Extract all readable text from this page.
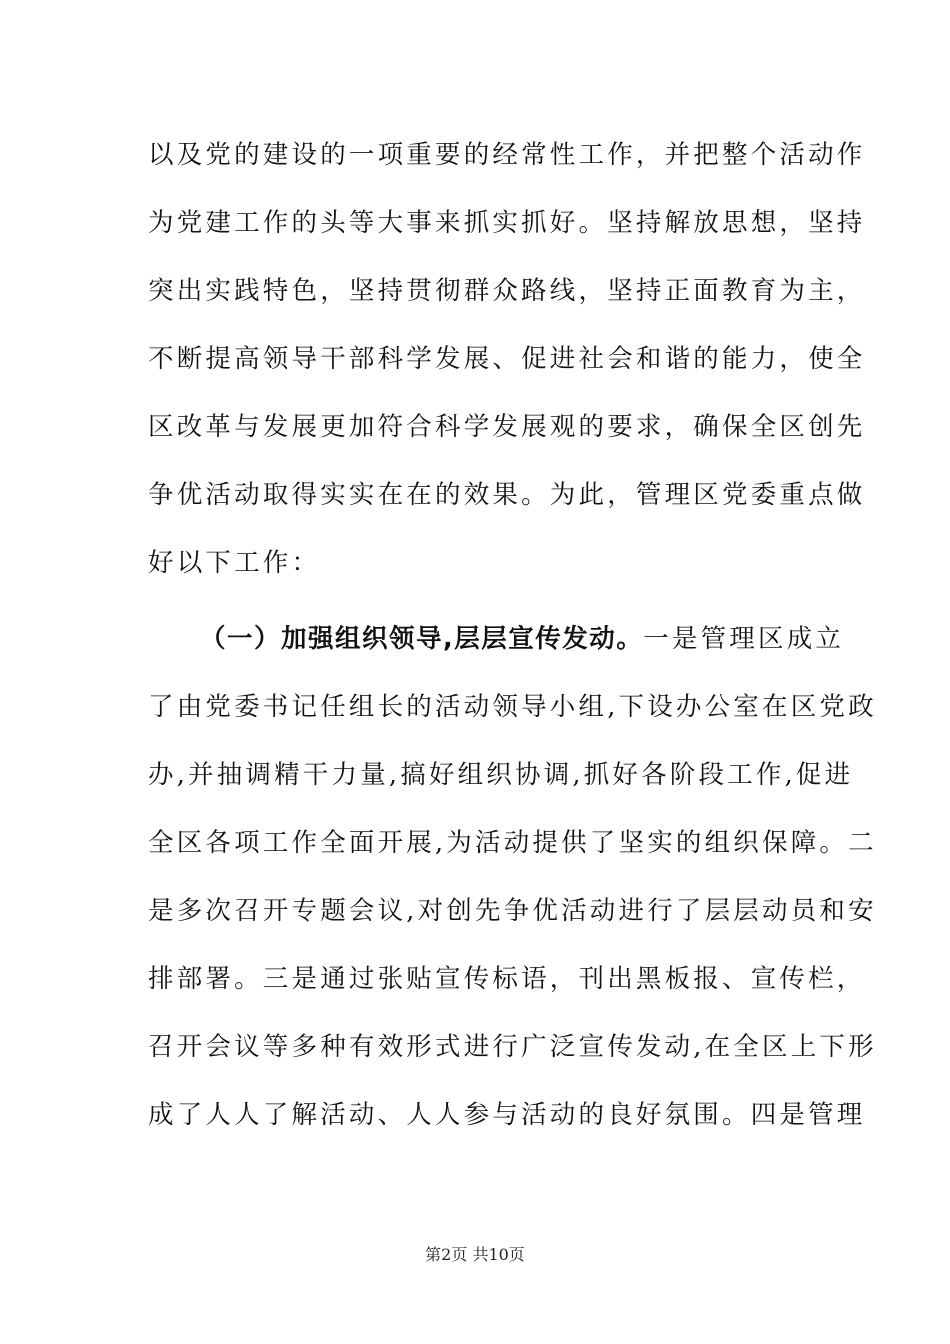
以及党的建设的一项重要的经常性工作，并把整个活动作
为党建工作的头等大事来抓实抓好。坚持解放思想，坚持
突出实践特色，坚持贯彻群众路线，坚持正面教育为主，
不断提高领导干部科学发展、促进社会和谐的能力，使全
区改革与发展更加符合科学发展观的要求，确保全区创先
争优活动取得实实在在的效果。为此，管理区党委重点做
好以下工作：
（一）加强组织领导,层层宣传发动。一是管理区成立
了由党委书记任组长的活动领导小组,下设办公室在区党政
办,并抽调精干力量,搞好组织协调,抓好各阶段工作,促进
全区各项工作全面开展,为活动提供了坚实的组织保障。二
是多次召开专题会议,对创先争优活动进行了层层动员和安
排部署。三是通过张贴宣传标语，刊出黑板报、宣传栏，
召开会议等多种有效形式进行广泛宣传发动,在全区上下形
成了人人了解活动、人人参与活动的良好氛围。四是管理
第2页 共10页
